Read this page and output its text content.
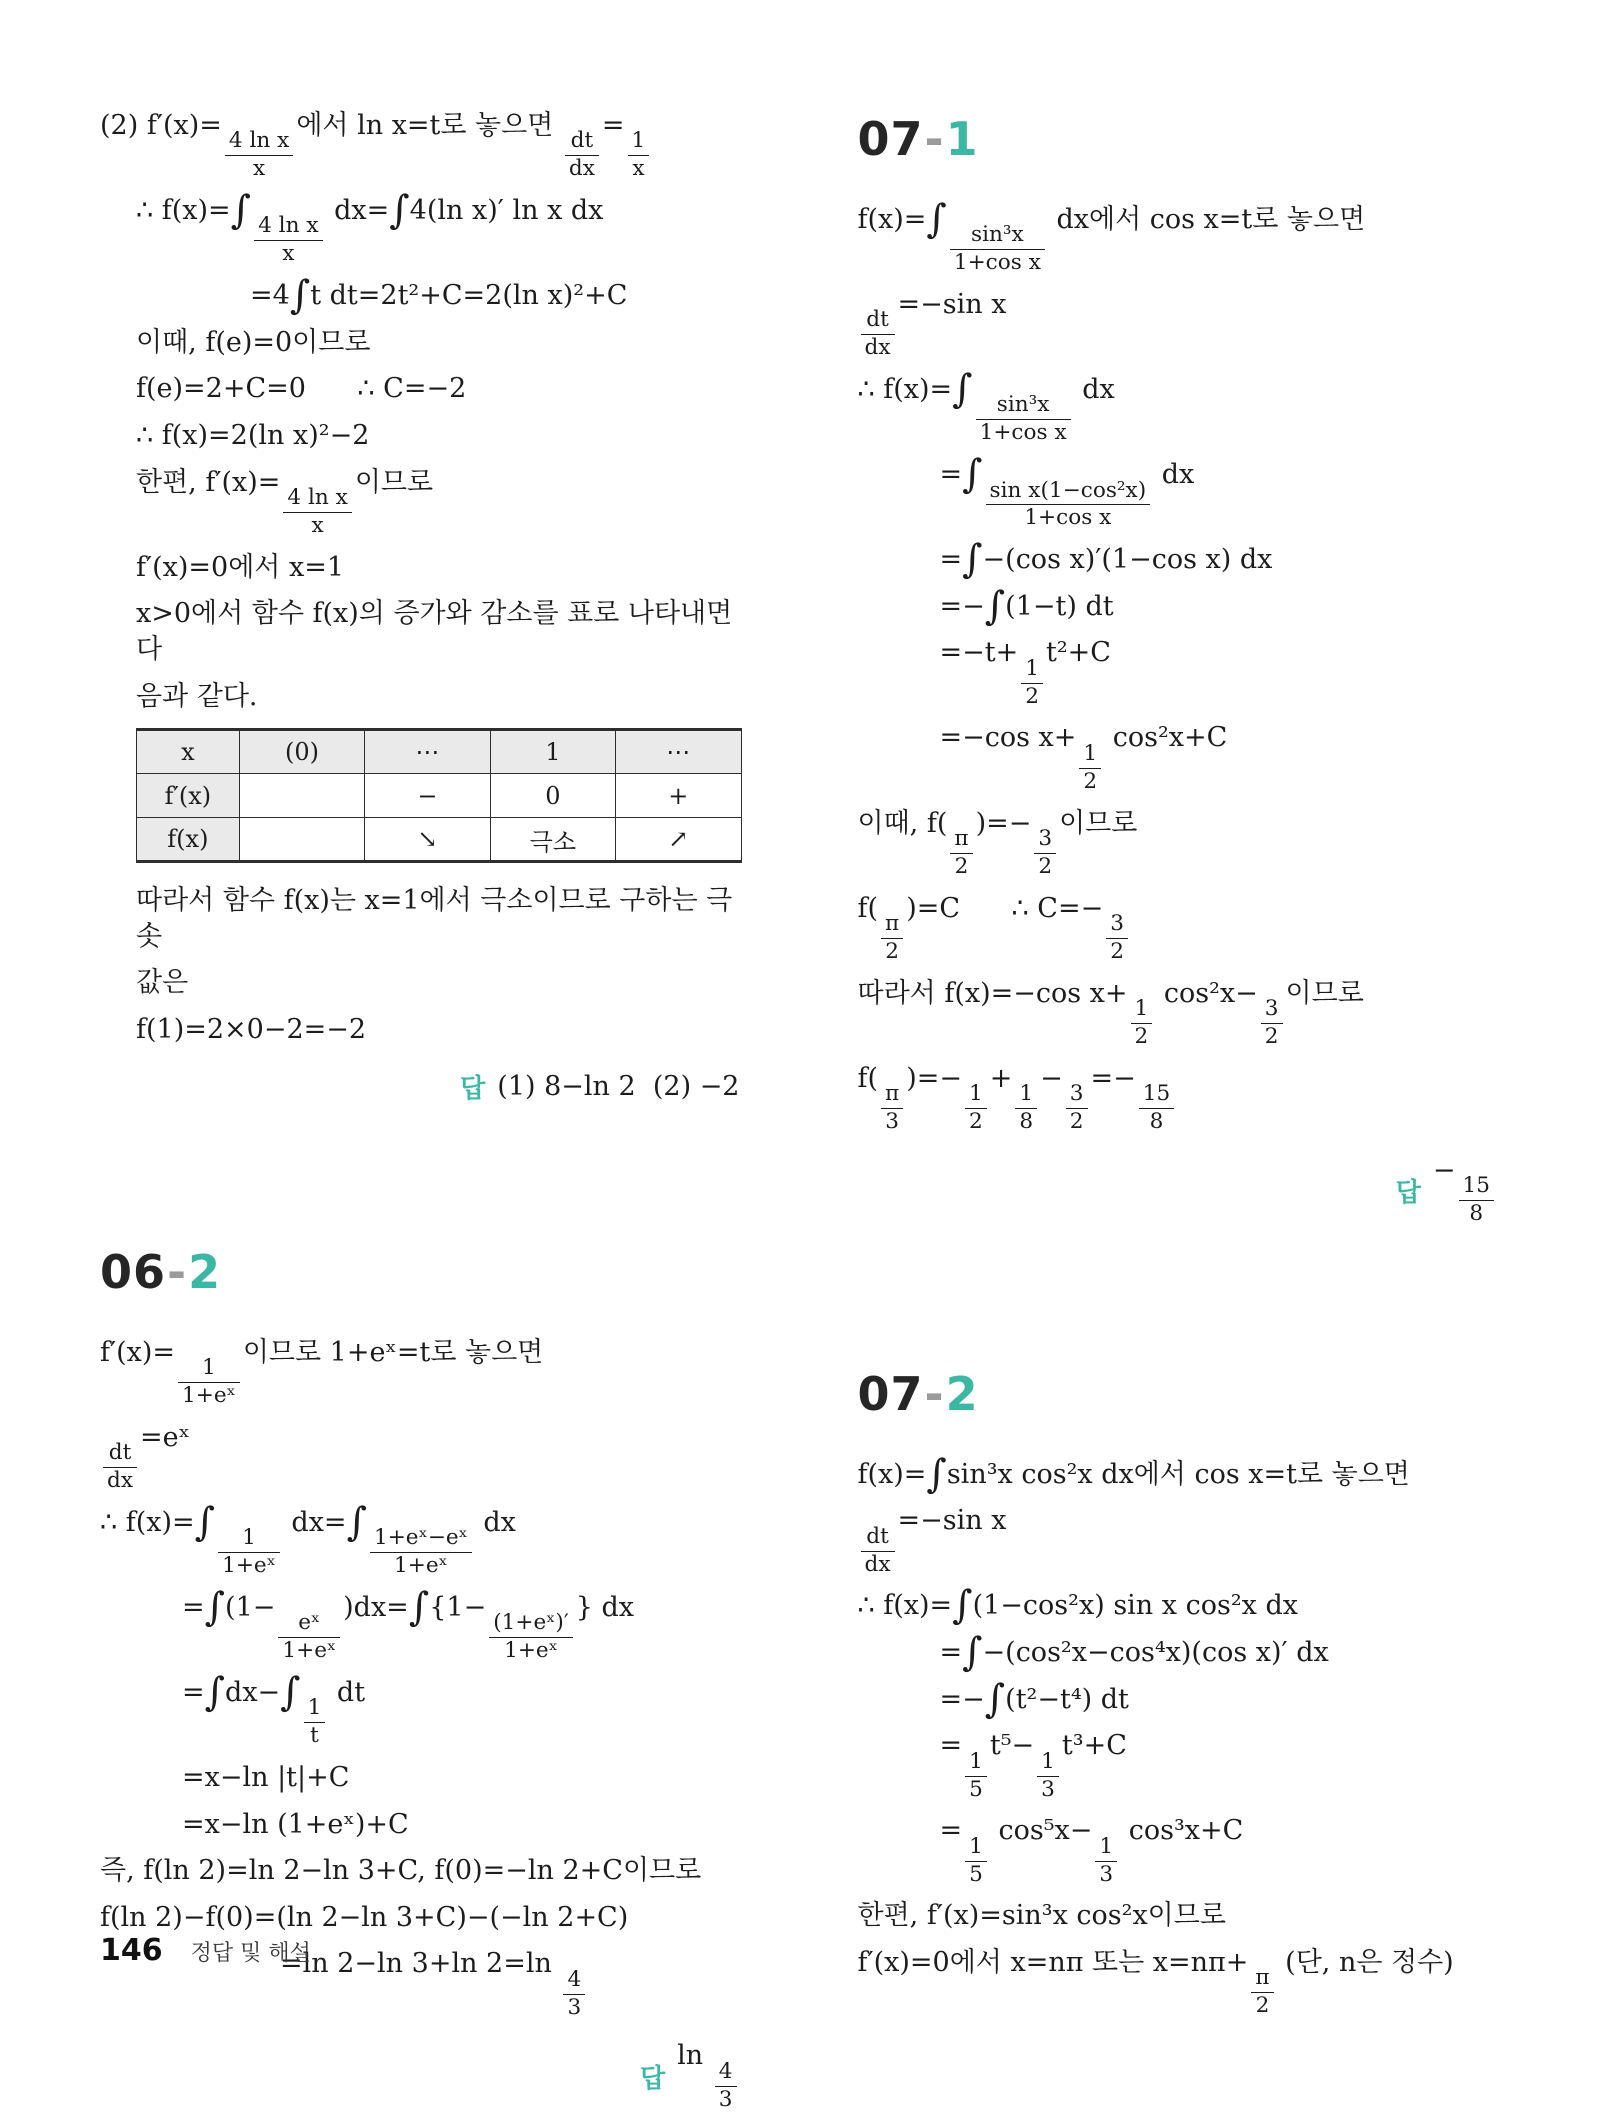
(2) f′(x)=
$\frac{\text{4 ln x}}{x}$
에서 ln x=t로 놓으면
$\frac{dt}{dx}$
=
$\frac{1}{x}$
∴ f(x)=∫
$\frac{\text{4 ln x}}{x}$
dx=∫4(ln x)′ ln x dx
=4∫t dt=2t²+C=2(ln x)²+C
이때, f(e)=0이므로
f(e)=2+C=0      ∴ C=−2
∴ f(x)=2(ln x)²−2
한편, f′(x)=
$\frac{\text{4 ln x}}{x}$
이므로
f′(x)=0에서 x=1
x>0에서 함수 f(x)의 증가와 감소를 표로 나타내면 다
음과 같다.
x	(0)	⋯	1	⋯
f′(x)		−	0	+
f(x)		↘	극소	↗
따라서 함수 f(x)는 x=1에서 극소이므로 구하는 극솟
값은
f(1)=2×0−2=−2
답 (1) 8−ln 2  (2) −2
06-2
f′(x)=
$\frac{1}{\text{1+eˣ}}$
이므로 1+eˣ=t로 놓으면
$\frac{dt}{dx}$
=eˣ
∴ f(x)=∫
$\frac{1}{\text{1+eˣ}}$
dx=∫
$\frac{\text{1+eˣ−eˣ}}{\text{1+eˣ}}$
dx
=∫(1−
$\frac{\text{eˣ}}{\text{1+eˣ}}$
)dx=∫{1−
$\frac{\text{(1+eˣ)′}}{\text{1+eˣ}}$
} dx
=∫dx−∫
$\frac{1}{t}$
dt
=x−ln |t|+C
=x−ln (1+eˣ)+C
즉, f(ln 2)=ln 2−ln 3+C, f(0)=−ln 2+C이므로
f(ln 2)−f(0)=(ln 2−ln 3+C)−(−ln 2+C)
=ln 2−ln 3+ln 2=ln
$\frac{4}{3}$
답
ln
$\frac{4}{3}$
07-1
f(x)=∫
$\frac{\text{sin³x}}{\text{1+cos x}}$
dx에서 cos x=t로 놓으면
$\frac{dt}{dx}$
=−sin x
∴ f(x)=∫
$\frac{\text{sin³x}}{\text{1+cos x}}$
dx
=∫
$\frac{\text{sin x(1−cos²x)}}{\text{1+cos x}}$
dx
=∫−(cos x)′(1−cos x) dx
=−∫(1−t) dt
=−t+
$\frac{1}{2}$
t²+C
=−cos x+
$\frac{1}{2}$
cos²x+C
이때, f(
$\frac{\pi}{2}$
)=−
$\frac{3}{2}$
이므로
f(
$\frac{\pi}{2}$
)=C      ∴ C=−
$\frac{3}{2}$
따라서 f(x)=−cos x+
$\frac{1}{2}$
cos²x−
$\frac{3}{2}$
이므로
f(
$\frac{\pi}{3}$
)=−
$\frac{1}{2}$
+
$\frac{1}{8}$
−
$\frac{3}{2}$
=−
$\frac{15}{8}$
답
−
$\frac{15}{8}$
07-2
f(x)=∫sin³x cos²x dx에서 cos x=t로 놓으면
$\frac{dt}{dx}$
=−sin x
∴ f(x)=∫(1−cos²x) sin x cos²x dx
=∫−(cos²x−cos⁴x)(cos x)′ dx
=−∫(t²−t⁴) dt
=
$\frac{1}{5}$
t⁵−
$\frac{1}{3}$
t³+C
=
$\frac{1}{5}$
cos⁵x−
$\frac{1}{3}$
cos³x+C
한편, f′(x)=sin³x cos²x이므로
f′(x)=0에서 x=nπ 또는 x=nπ+
$\frac{\pi}{2}$
(단, n은 정수)
146 정답 및 해설
